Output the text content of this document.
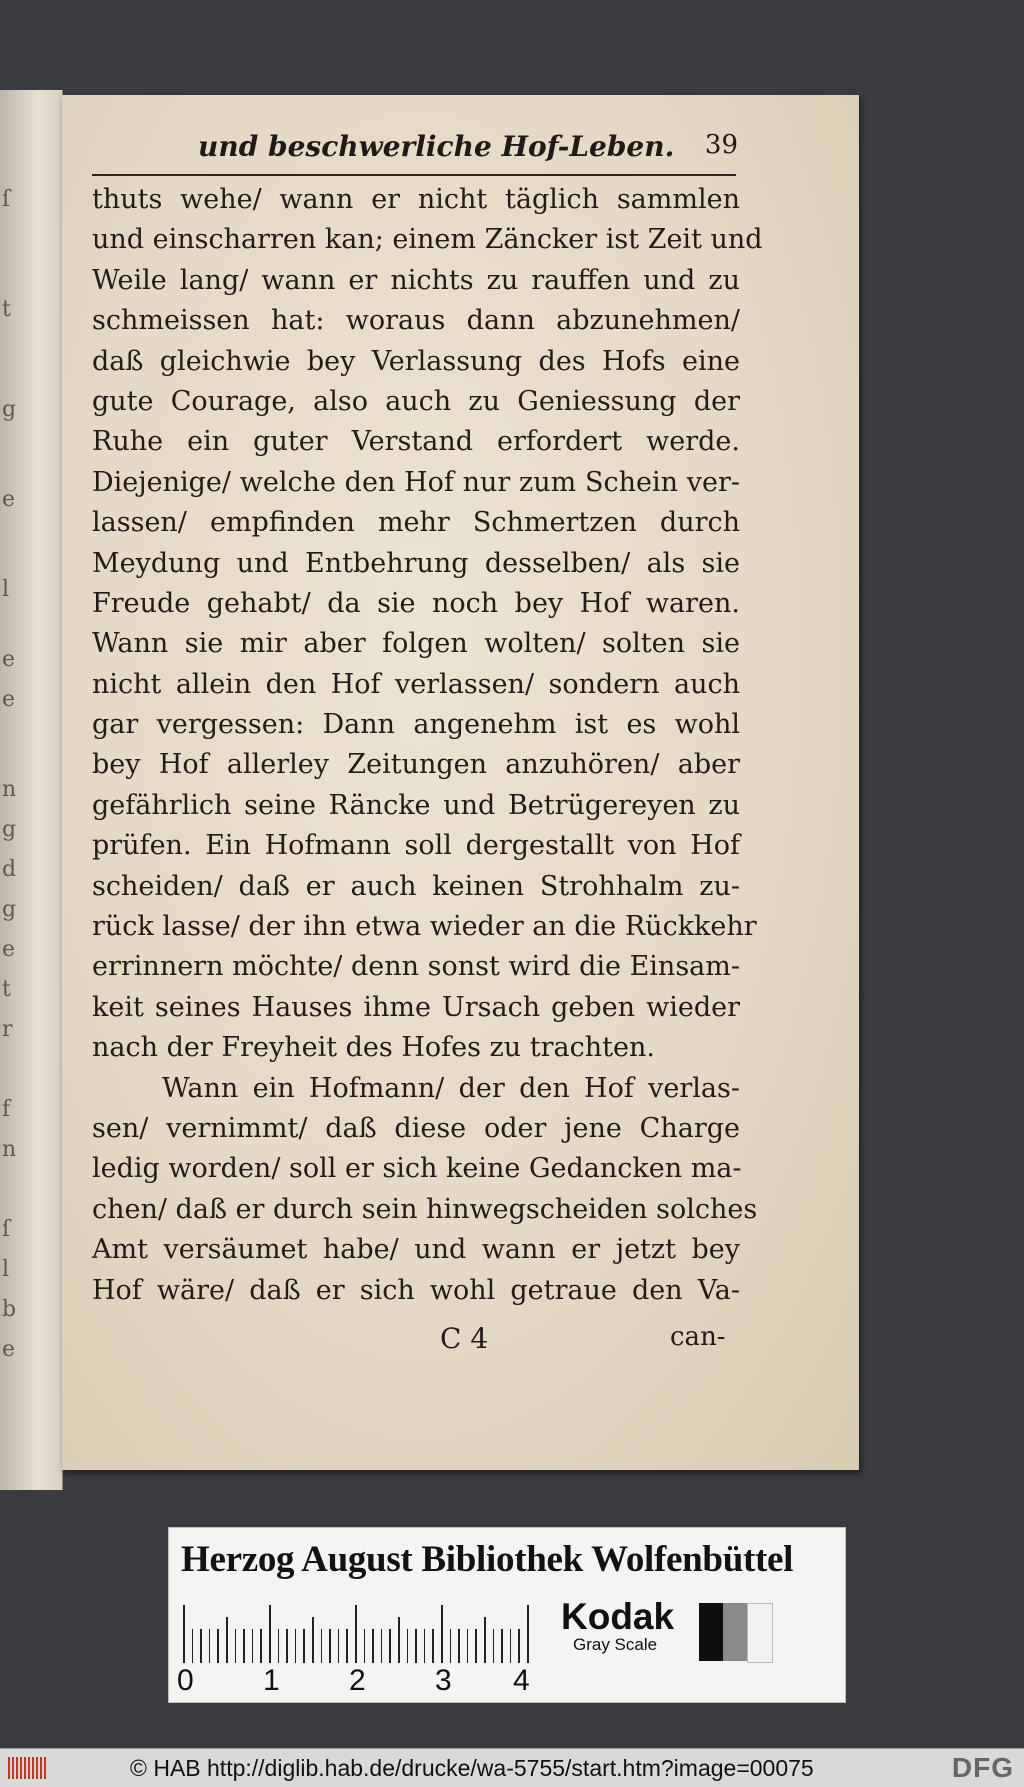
ſ
t
g
e
l
e
e
n
g
d
g
e
t
r
f
n
ſ
l
b
e
und beschwerliche Hof-Leben. 39
thuts wehe/ wann er nicht täglich sammlen
und einscharren kan; einem Zäncker ist Zeit und
Weile lang/ wann er nichts zu rauffen und zu
schmeissen hat: woraus dann abzunehmen/
daß gleichwie bey Verlassung des Hofs eine
gute Courage, also auch zu Geniessung der
Ruhe ein guter Verstand erfordert werde.
Diejenige/ welche den Hof nur zum Schein ver-
lassen/ empfinden mehr Schmertzen durch
Meydung und Entbehrung desselben/ als sie
Freude gehabt/ da sie noch bey Hof waren.
Wann sie mir aber folgen wolten/ solten sie
nicht allein den Hof verlassen/ sondern auch
gar vergessen: Dann angenehm ist es wohl
bey Hof allerley Zeitungen anzuhören/ aber
gefährlich seine Räncke und Betrügereyen zu
prüfen. Ein Hofmann soll dergestallt von Hof
scheiden/ daß er auch keinen Strohhalm zu-
rück lasse/ der ihn etwa wieder an die Rückkehr
errinnern möchte/ denn sonst wird die Einsam-
keit seines Hauses ihme Ursach geben wieder
nach der Freyheit des Hofes zu trachten.
Wann ein Hofmann/ der den Hof verlas-
sen/ vernimmt/ daß diese oder jene Charge
ledig worden/ soll er sich keine Gedancken ma-
chen/ daß er durch sein hinwegscheiden solches
Amt versäumet habe/ und wann er jetzt bey
Hof wäre/ daß er sich wohl getraue den Va-
C 4	can-
Herzog August Bibliothek Wolfenbüttel
0 1 2 3 4
Kodak
Gray Scale
© HAB http://diglib.hab.de/drucke/wa-5755/start.htm?image=00075	DFG
